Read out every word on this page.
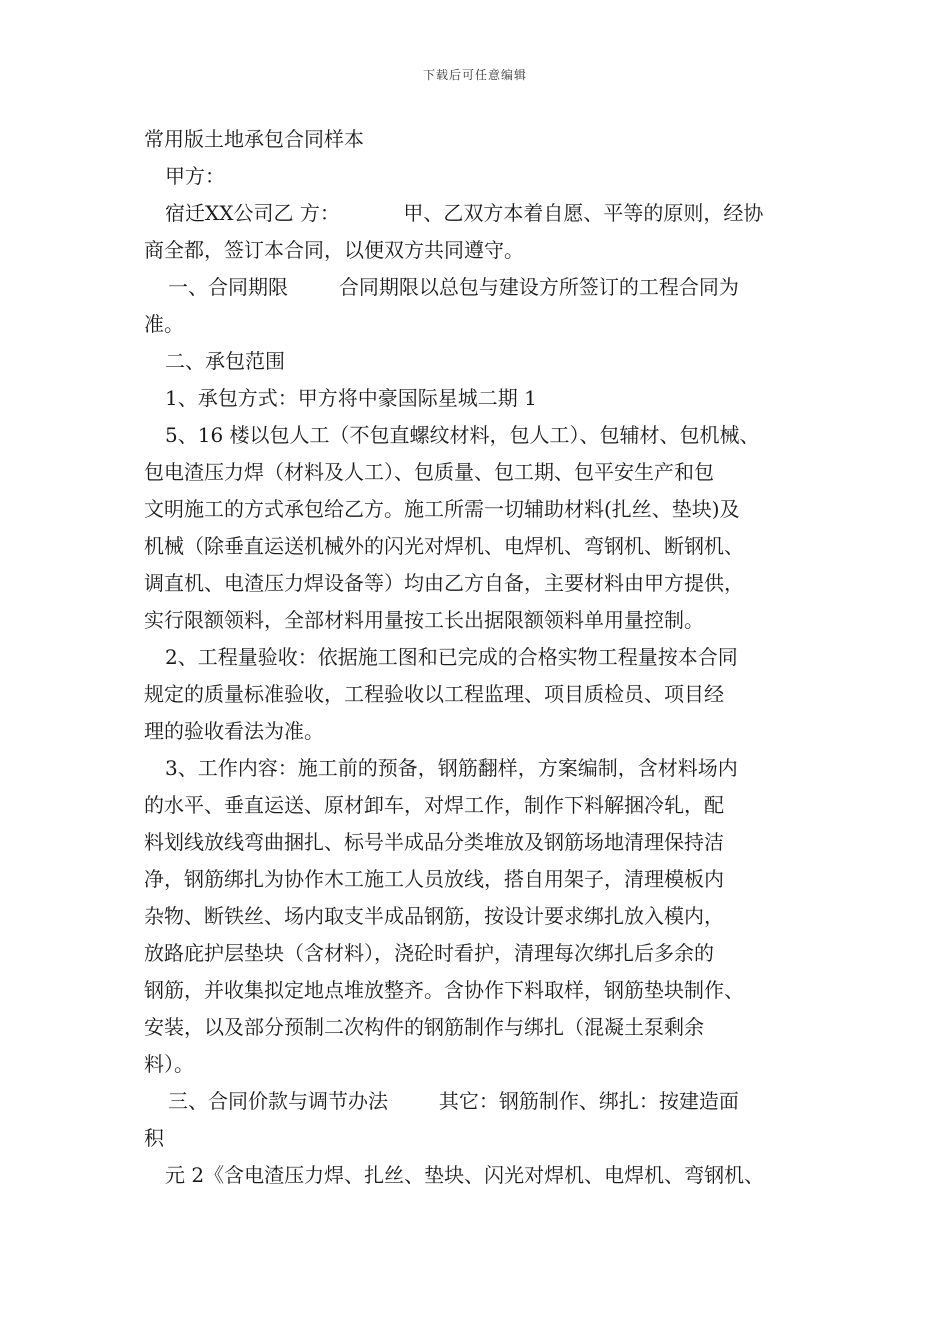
下载后可任意编辑
常用版土地承包合同样本
甲方：
宿迁XX公司乙 方：          甲、乙双方本着自愿、平等的原则，经协
商全都，签订本合同，以便双方共同遵守。
一、合同期限        合同期限以总包与建设方所签订的工程合同为
准。
二、承包范围
1、承包方式：甲方将中豪国际星城二期 1
5、16 楼以包人工（不包直螺纹材料，包人工）、包辅材、包机械、
包电渣压力焊（材料及人工）、包质量、包工期、包平安生产和包
文明施工的方式承包给乙方。施工所需一切辅助材料(扎丝、垫块)及
机械（除垂直运送机械外的闪光对焊机、电焊机、弯钢机、断钢机、
调直机、电渣压力焊设备等）均由乙方自备，主要材料由甲方提供，
实行限额领料，全部材料用量按工长出据限额领料单用量控制。
2、工程量验收：依据施工图和已完成的合格实物工程量按本合同
规定的质量标准验收，工程验收以工程监理、项目质检员、项目经
理的验收看法为准。
3、工作内容：施工前的预备，钢筋翻样，方案编制，含材料场内
的水平、垂直运送、原材卸车，对焊工作，制作下料解捆冷轧，配
料划线放线弯曲捆扎、标号半成品分类堆放及钢筋场地清理保持洁
净，钢筋绑扎为协作木工施工人员放线，搭自用架子，清理模板内
杂物、断铁丝、场内取支半成品钢筋，按设计要求绑扎放入模内，
放路庇护层垫块（含材料），浇砼时看护，清理每次绑扎后多余的
钢筋，并收集拟定地点堆放整齐。含协作下料取样，钢筋垫块制作、
安装，以及部分预制二次构件的钢筋制作与绑扎（混凝土泵剩余
料）。
三、合同价款与调节办法        其它：钢筋制作、绑扎：按建造面
积
元 2《含电渣压力焊、扎丝、垫块、闪光对焊机、电焊机、弯钢机、
